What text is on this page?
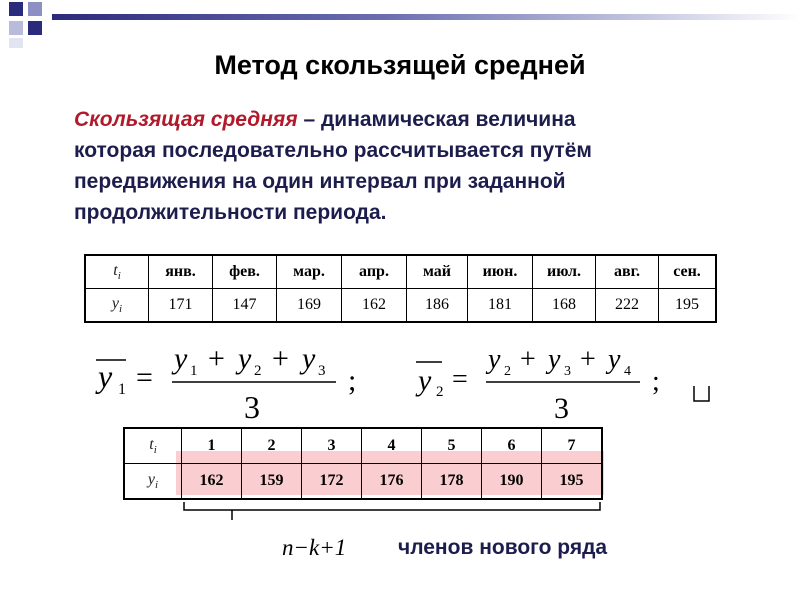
Метод скользящей средней
Скользящая средняя – динамическая величина
которая последовательно рассчитывается путём
передвижения на один интервал при заданной
продолжительности периода.
$t_i$	янв.	фев.	мар.	апр.	май	июн.	июл.	авг.	сен.
$y_i$	171	147	169	162	186	181	168	222	195
y 1 =
y 1 + y 2 + y 3
3
; y 2 =
y 2 + y 3 + y 4
3
;
$t_i$	1	2	3	4	5	6	7
$y_i$	162	159	172	176	178	190	195
n−k+1 членов нового ряда
